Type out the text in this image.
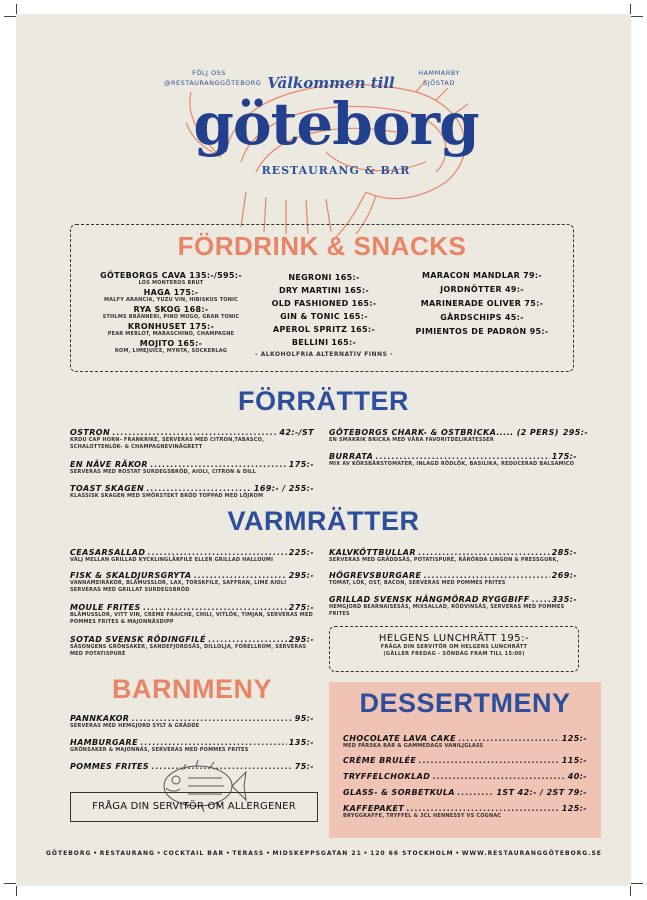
FÖLJ OSS
@RESTAURANGGÖTEBORG
HAMMARBY
SJÖSTAD
Välkommen till
göteborg
RESTAURANG & BAR
FÖRDRINK & SNACKS
GÖTEBORGS CAVA 135:-/595:-
LOS MONTEROS BRUT
HAGA 175:-
MALFY ARANCIA, YUZU VIN, HIBISKUS TONIC
RYA SKOG 168:-
STHLMS BRÄNNERI, PINO MUGO, GRAN TONIC
KRONHUSET 175:-
PEAR MERLOT, MARASCHINO, CHAMPAGNE
MOJITO 165:-
ROM, LIMEJUICE, MYNTA, SOCKERLAG
NEGRONI 165:-
DRY MARTINI 165:-
OLD FASHIONED 165:-
GIN & TONIC 165:-
APEROL SPRITZ 165:-
BELLINI 165:-
- ALKOHOLFRIA ALTERNATIV FINNS -
MARACON MANDLAR 79:-
JORDNÖTTER 49:-
MARINERADE OLIVER 75:-
GÅRDSCHIPS 45:-
PIMIENTOS DE PADRÓN 95:-
FÖRRÄTTER
OSTRON .....	42:-/ST
KRDU CAP HORN- FRANKRIKE, SERVERAS MED CITRON,TABASCO, SCHALOTTENLÖK- & CHAMPAGNEVINÄGRETT
EN NÄVE RÄKOR .....	175:-
SERVERAS MED ROSTAT SURDEGSBRÖD, AIOLI, CITRON & DILL
TOAST SKAGEN .....	169:- / 255:-
KLASSISK SKAGEN MED SMÖRSTEKT BRÖD TOPPAD MED LÖJROM
GÖTEBORGS CHARK- & OSTBRICKA..... (2 PERS) 295:-
EN SMAKRIK BRICKA MED VÅRA FAVORITDELIKATESSER
BURRATA .....	175:-
MIX AV KÖRSBÄRSTOMATER, INLAGD RÖDLÖK, BASILIKA, REDUCERAD BALSAMICO
VARMRÄTTER
CEASARSALLAD .....	225:-
VÄLJ MELLAN GRILLAD KYCKLINGLÅRFILE ELLER GRILLAD HALLOUMI
FISK & SKALDJURSGRYTA .....	295:-
VANNAMEIRÄKOR, BLÅMUSSLOR, LAX, TORSKFILE, SAFFRAN, LIME AIOLI SERVERAS MED GRILLAT SURDEGSBRÖD
MOULE FRITES .....	275:-
BLÅMUSSLOR, VITT VIN, CRÈME FRAICHE, CHILI, VITLÖK, TIMJAN, SERVERAS MED POMMES FRITES & MAJONNÄSDIPP
SOTAD SVENSK RÖDINGFILÉ .....	295:-
SÄSONGENS GRÖNSAKER, SANDEFJORDSÅS, DILLOLJA, FORELLROM, SERVERAS MED POTATISPURÉ
KALVKÖTTBULLAR .....	285:-
SERVERAS MED GRÄDDSÅS, POTATISPURÉ, RÅRÖRDA LINGON & PRESSGURK,
HÖGREVSBURGARE .....	269:-
TOMAT, LÖK, OST, BACON, SERVERAS MED POMMES FRITES
GRILLAD SVENSK HÄNGMÖRAD RYGGBIFF .....	335:-
HEMGJORD BEARNAISESÅS, MIXSALLAD, RÖDVINSÅS, SERVERAS MED POMMES FRITES
HELGENS LUNCHRÄTT 195:-
FRÅGA DIN SERVITÖR OM HELGENS LUNCHRÄTT
(GÄLLER FREDAG - SÖNDAG FRAM TILL 15:00)
BARNMENY
PANNKAKOR .....	95:-
SERVERAS MED HEMGJORD SYLT & GRÄDDE
HAMBURGARE .....	135:-
GRÖNSAKER & MAJONNÄS, SERVERAS MED POMMES FRITES
POMMES FRITES .....	75:-
FRÅGA DIN SERVITÖR OM ALLERGENER
DESSERTMENY
CHOCOLATE LAVA CAKE .....	125:-
MED FÄRSKA BÄR & GAMMEDAGS VANILJGLASS
CRÈME BRULÉE .....	115:-
TRYFFELCHOKLAD .....	40:-
GLASS- & SORBETKULA .....	1ST 42:- / 2ST 79:-
KAFFEPAKET .....	125:-
BRYGGKAFFE, TRYFFEL & 3CL HENNESSY VS COGNAC
GÖTEBORG • RESTAURANG • COCKTAIL BAR • TERASS • MIDSKEPPSGATAN 21 • 120 66 STOCKHOLM • WWW.RESTAURANGGÖTEBORG.SE
